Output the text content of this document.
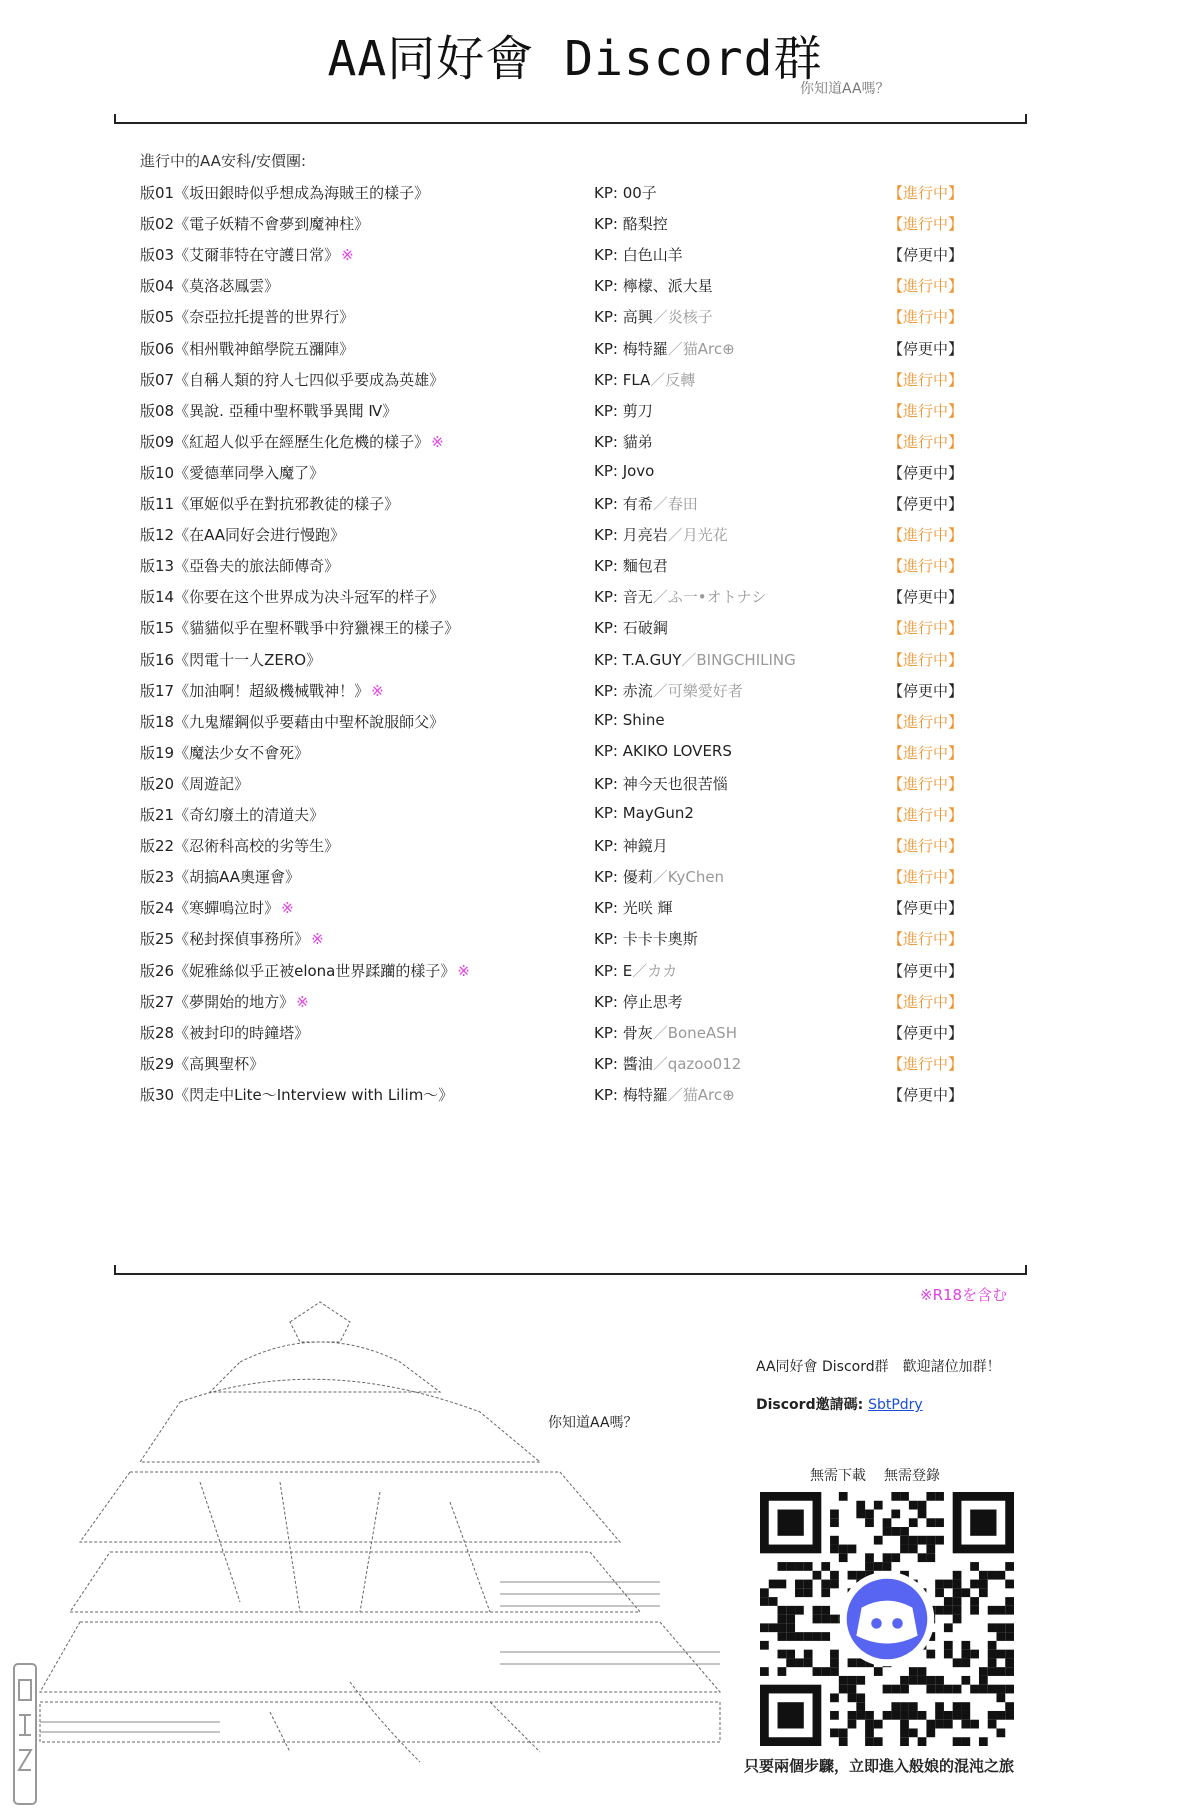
AA同好會 Discord群
你知道AA嗎？
進行中的AA安科/安價團:
版01《坂田銀時似乎想成為海賊王的樣子》	KP: 00子	【進行中】
版02《電子妖精不會夢到魔神柱》	KP: 酪梨控	【進行中】
版03《艾爾菲特在守護日常》 ※	KP: 白色山羊	【停更中】
版04《莫洛苾鳳雲》	KP: 檸檬、派大星	【進行中】
版05《奈亞拉托提普的世界行》	KP: 高興／炎核子	【進行中】
版06《相州戰神館學院五瀰陣》	KP: 梅特羅／猫Arc⊕	【停更中】
版07《自稱人類的狩人七四似乎要成為英雄》	KP: FLA／反轉	【進行中】
版08《異說. 亞種中聖杯戰爭異聞 Ⅳ》	KP: 剪刀	【進行中】
版09《紅超人似乎在經歷生化危機的樣子》 ※	KP: 貓弟	【進行中】
版10《愛德華同學入魔了》	KP: Jovo	【停更中】
版11《軍姬似乎在對抗邪教徒的樣子》	KP: 有希／春田	【停更中】
版12《在AA同好会进行慢跑》	KP: 月亮岩／月光花	【進行中】
版13《亞魯夫的旅法師傳奇》	KP: 麵包君	【進行中】
版14《你要在这个世界成为决斗冠军的样子》	KP: 音无／ふ一•オトナシ	【停更中】
版15《貓貓似乎在聖杯戰爭中狩獵裸王的樣子》	KP: 石破鋼	【進行中】
版16《閃電十一人ZERO》	KP: T.A.GUY／BINGCHILING	【進行中】
版17《加油啊！超級機械戰神！》 ※	KP: 赤流／可樂愛好者	【停更中】
版18《九鬼耀鋼似乎要藉由中聖杯說服師父》	KP: Shine	【進行中】
版19《魔法少女不會死》	KP: AKIKO LOVERS	【進行中】
版20《周遊記》	KP: 神今天也很苦惱	【進行中】
版21《奇幻廢土的清道夫》	KP: MayGun2	【進行中】
版22《忍術科高校的劣等生》	KP: 神鏡月	【進行中】
版23《胡搞AA奧運會》	KP: 優莉／KyChen	【進行中】
版24《寒蟬鳴泣时》 ※	KP: 光咲 輝	【停更中】
版25《秘封探偵事務所》 ※	KP: 卡卡卡奧斯	【進行中】
版26《妮雅絲似乎正被elona世界蹂躪的樣子》 ※	KP: E／カカ	【停更中】
版27《夢開始的地方》 ※	KP: 停止思考	【進行中】
版28《被封印的時鐘塔》	KP: 骨灰／BoneASH	【停更中】
版29《高興聖杯》	KP: 醬油／qazoo012	【進行中】
版30《閃走中Lite～Interview with Lilim～》	KP: 梅特羅／猫Arc⊕	【停更中】
※R18を含む
你知道AA嗎？
AA同好會 Discord群　歡迎諸位加群！
Discord邀請碼: SbtPdry
無需下載 無需登錄
只要兩個步驟，立即進入般娘的混沌之旅
